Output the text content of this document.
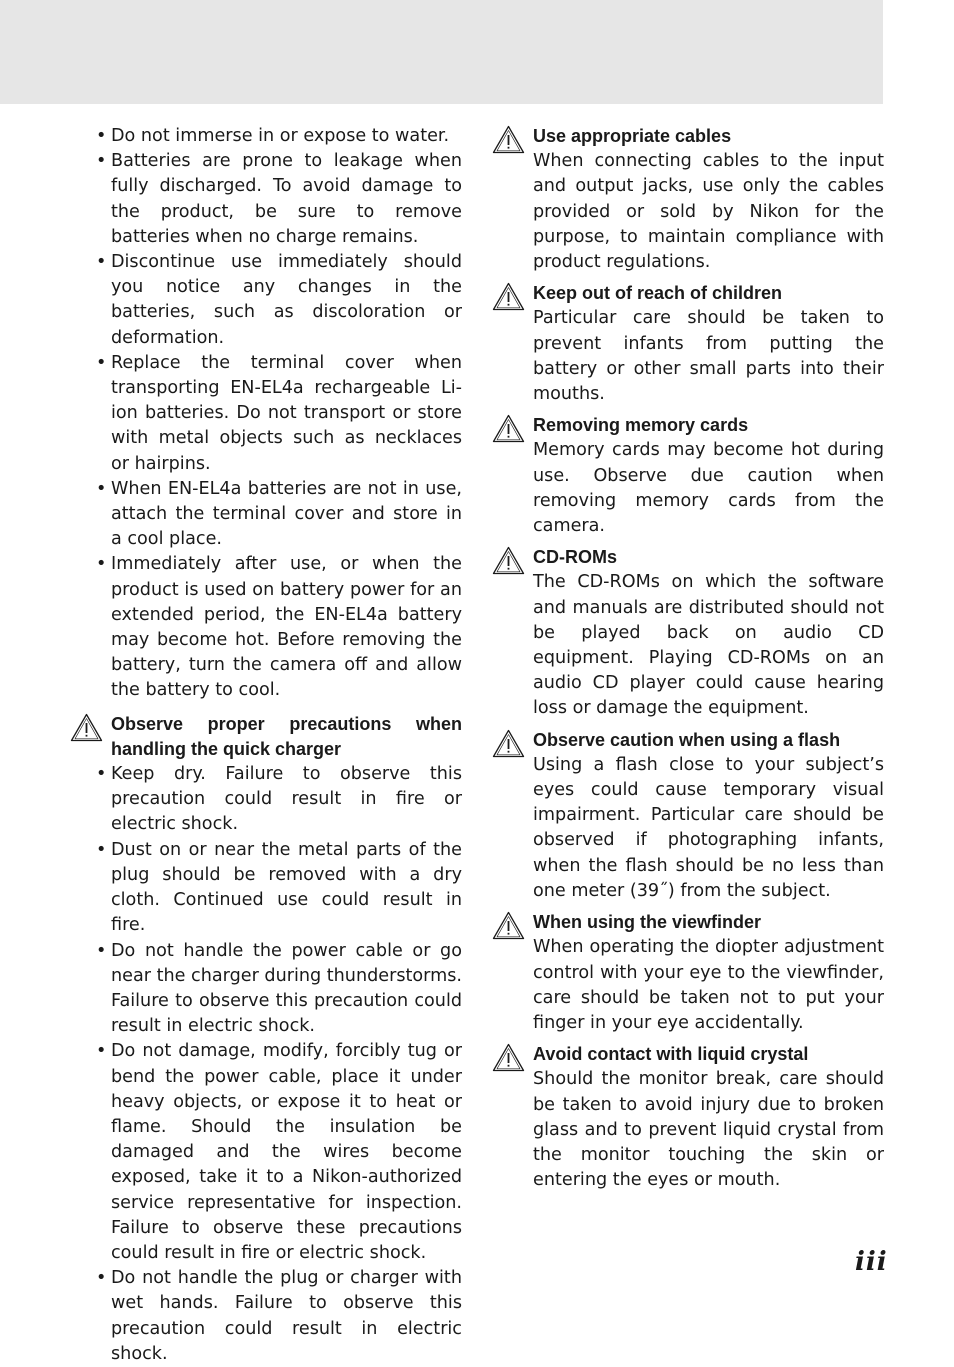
• Do not immerse in or expose to water.
• Batteries are prone to leakage when fully discharged. To avoid damage to the product, be sure to remove batteries when no charge remains.
• Discontinue use immediately should you notice any changes in the batteries, such as discoloration or deformation.
• Replace the terminal cover when transporting EN-EL4a rechargeable Li-ion batteries. Do not transport or store with metal objects such as necklaces or hairpins.
• When EN-EL4a batteries are not in use, attach the terminal cover and store in a cool place.
• Immediately after use, or when the product is used on battery power for an extended period, the EN-EL4a battery may become hot. Before removing the battery, turn the camera off and allow the battery to cool.
Observe proper precautions when handling the quick charger
• Keep dry. Failure to observe this precaution could result in fire or electric shock.
• Dust on or near the metal parts of the plug should be removed with a dry cloth. Continued use could result in fire.
• Do not handle the power cable or go near the charger during thunderstorms. Failure to observe this precaution could result in electric shock.
• Do not damage, modify, forcibly tug or bend the power cable, place it under heavy objects, or expose it to heat or flame. Should the insulation be damaged and the wires become exposed, take it to a Nikon-authorized service representative for inspection. Failure to observe these precautions could result in fire or electric shock.
• Do not handle the plug or charger with wet hands. Failure to observe this precaution could result in electric shock.
Use appropriate cables
When connecting cables to the input and output jacks, use only the cables provided or sold by Nikon for the purpose, to maintain compliance with product regulations.
Keep out of reach of children
Particular care should be taken to prevent infants from putting the battery or other small parts into their mouths.
Removing memory cards
Memory cards may become hot during use. Observe due caution when removing memory cards from the camera.
CD-ROMs
The CD-ROMs on which the software and manuals are distributed should not be played back on audio CD equipment. Playing CD-ROMs on an audio CD player could cause hearing loss or damage the equipment.
Observe caution when using a flash
Using a flash close to your subject’s eyes could cause temporary visual impairment. Particular care should be observed if photographing infants, when the flash should be no less than one meter (39˝) from the subject.
When using the viewfinder
When operating the diopter adjustment control with your eye to the viewfinder, care should be taken not to put your finger in your eye accidentally.
Avoid contact with liquid crystal
Should the monitor break, care should be taken to avoid injury due to broken glass and to prevent liquid crystal from the monitor touching the skin or entering the eyes or mouth.
iii
